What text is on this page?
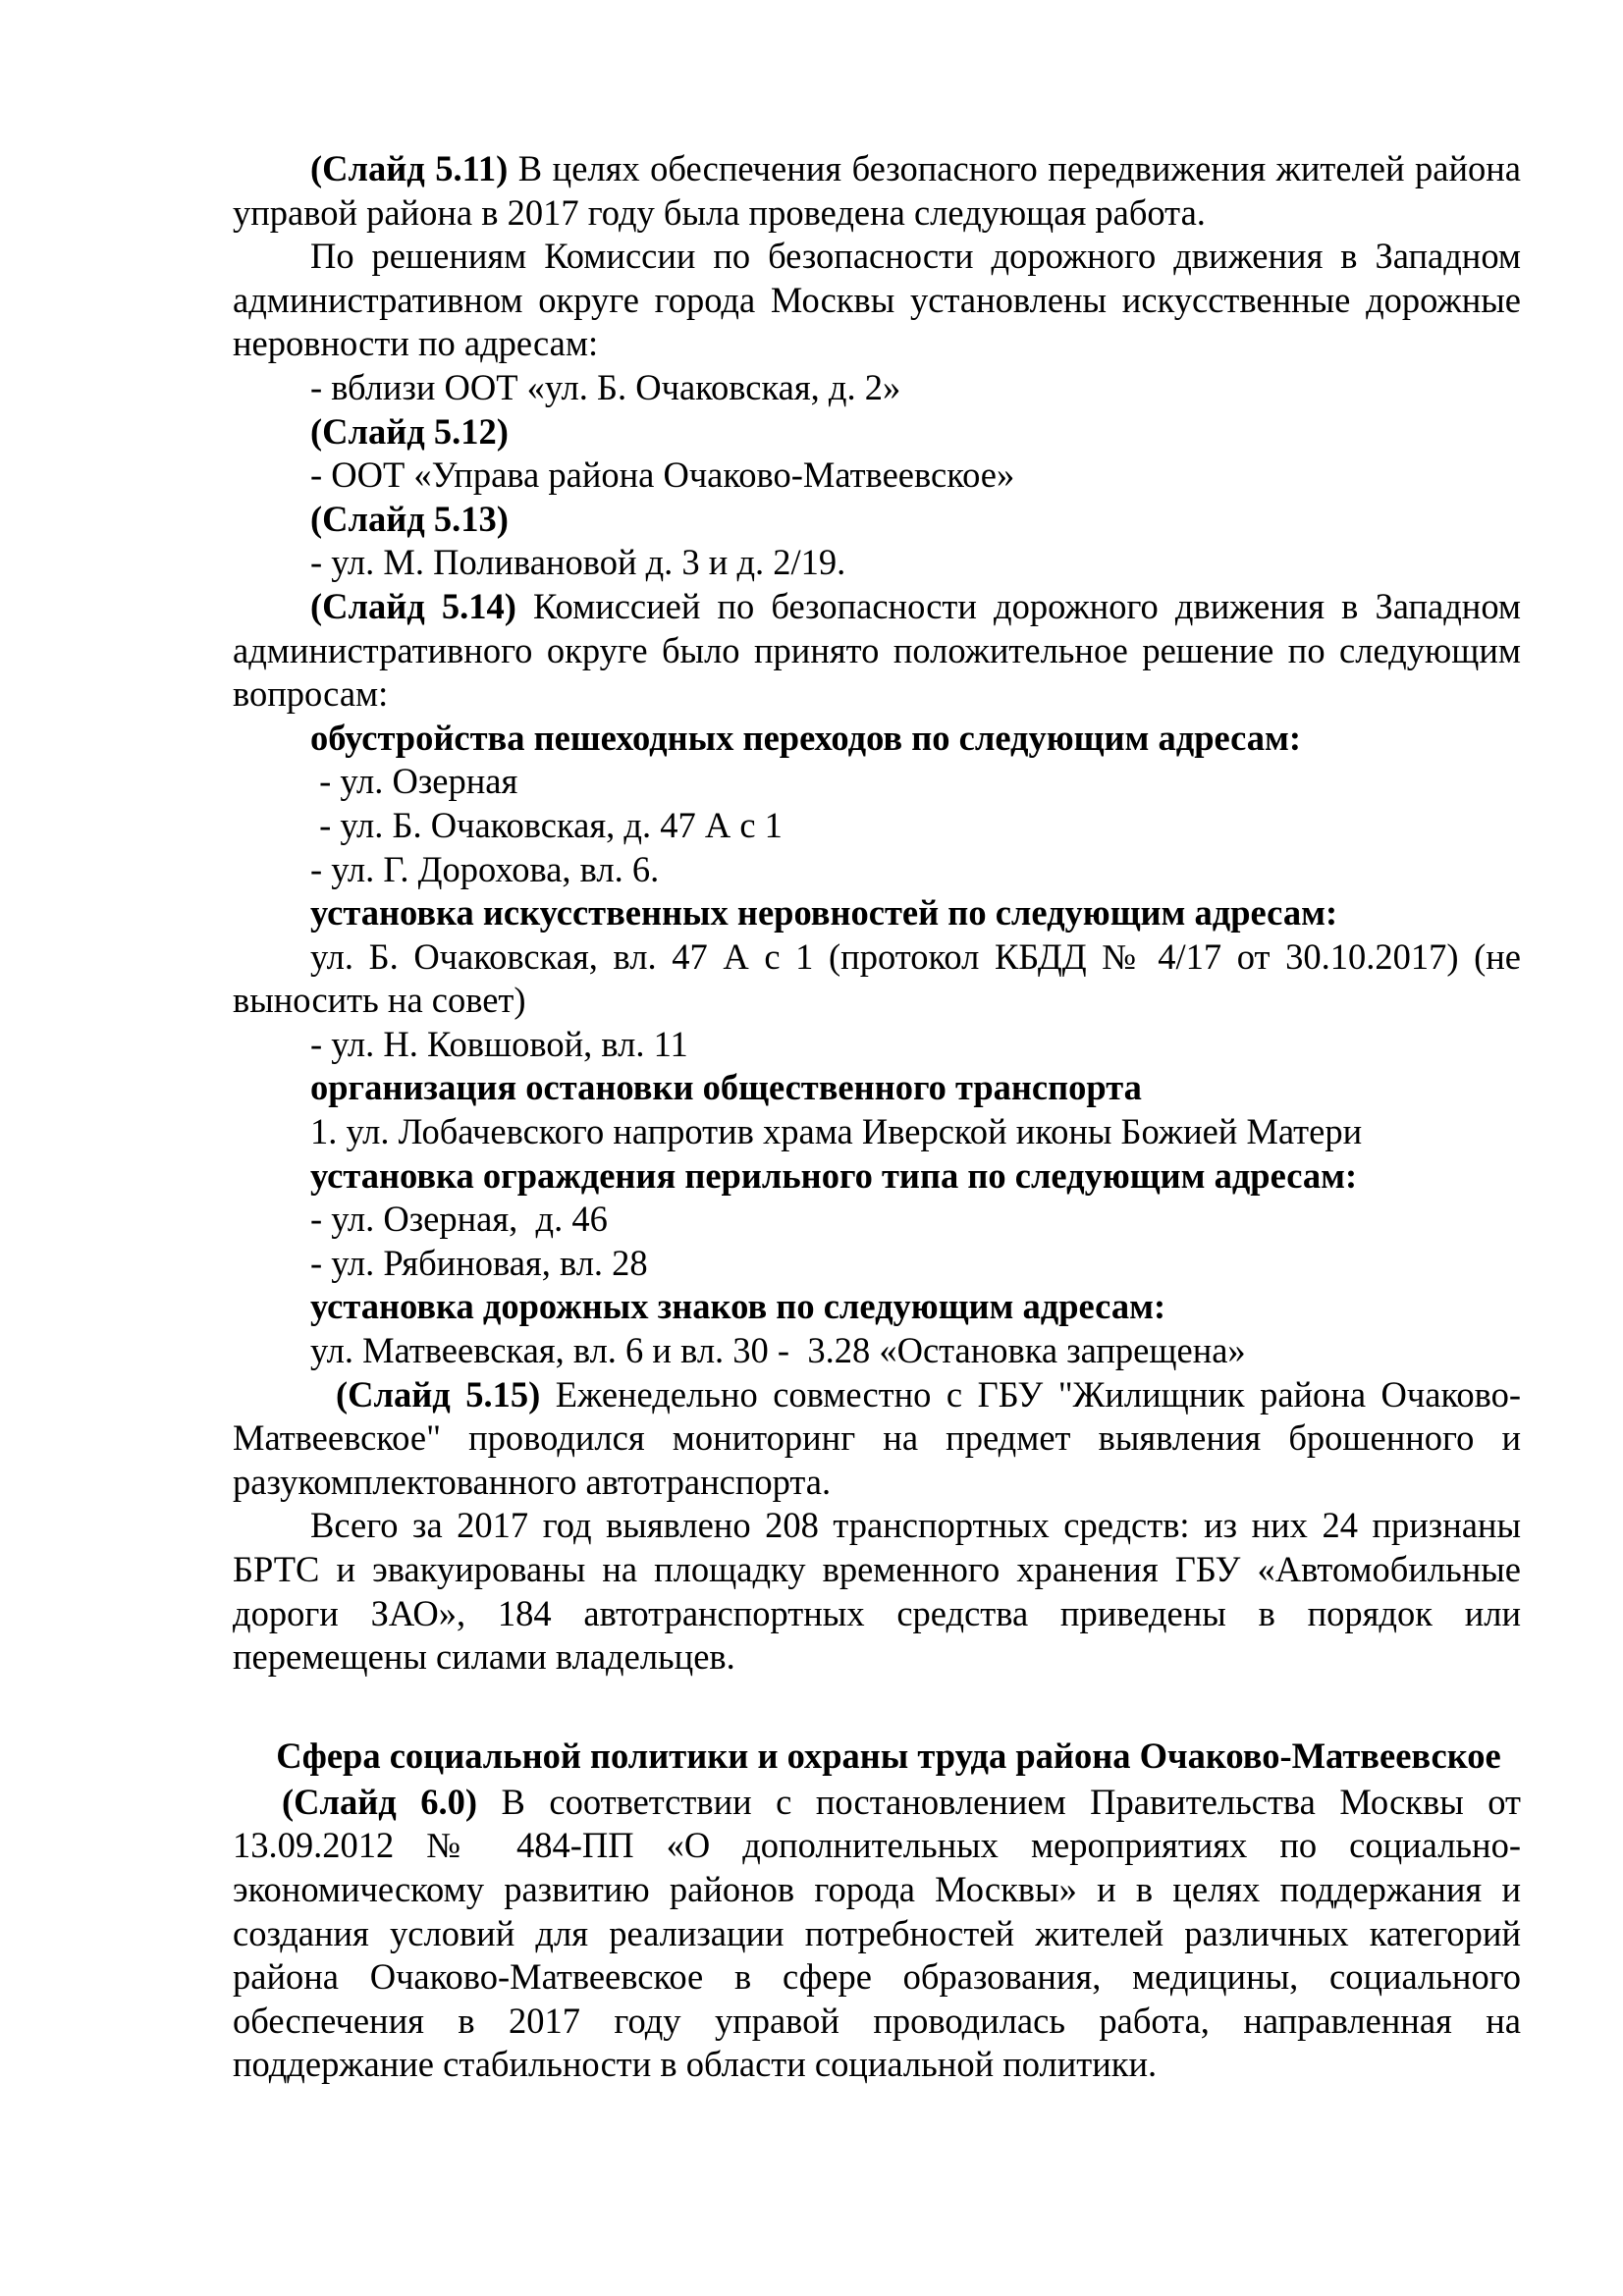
(Слайд 5.11) В целях обеспечения безопасного передвижения жителей района управой района в 2017 году была проведена следующая работа.

По решениям Комиссии по безопасности дорожного движения в Западном административном округе города Москвы установлены искусственные дорожные неровности по адресам:

- вблизи ООТ «ул. Б. Очаковская, д. 2»

(Слайд 5.12)

- ООТ «Управа района Очаково-Матвеевское»

(Слайд 5.13)

- ул. М. Поливановой д. 3 и д. 2/19.

(Слайд 5.14) Комиссией по безопасности дорожного движения в Западном административного округе было принято положительное решение по следующим вопросам:

обустройства пешеходных переходов по следующим адресам:

- ул. Озерная

- ул. Б. Очаковская, д. 47 А с 1

- ул. Г. Дорохова, вл. 6.

установка искусственных неровностей по следующим адресам:

ул. Б. Очаковская, вл. 47 А с 1 (протокол КБДД № 4/17 от 30.10.2017) (не выносить на совет)

- ул. Н. Ковшовой, вл. 11

организация остановки общественного транспорта

1. ул. Лобачевского напротив храма Иверской иконы Божией Матери

установка ограждения перильного типа по следующим адресам:

- ул. Озерная,  д. 46

- ул. Рябиновая, вл. 28

установка дорожных знаков по следующим адресам:

ул. Матвеевская, вл. 6 и вл. 30 -  3.28 «Остановка запрещена»

(Слайд 5.15) Еженедельно совместно с ГБУ "Жилищник района Очаково-Матвеевское" проводился мониторинг на предмет выявления брошенного и разукомплектованного автотранспорта.

Всего за 2017 год выявлено 208 транспортных средств: из них 24 признаны БРТС и эвакуированы на площадку временного хранения ГБУ «Автомобильные дороги ЗАО», 184 автотранспортных средства приведены в порядок или перемещены силами владельцев.

Сфера социальной политики и охраны труда района Очаково-Матвеевское

(Слайд 6.0) В соответствии с постановлением Правительства Москвы от 13.09.2012 № 484-ПП «О дополнительных мероприятиях по социально-экономическому развитию районов города Москвы» и в целях поддержания и создания условий для реализации потребностей жителей различных категорий района Очаково-Матвеевское в сфере образования, медицины, социального обеспечения в 2017 году управой проводилась работа, направленная на поддержание стабильности в области социальной политики.
